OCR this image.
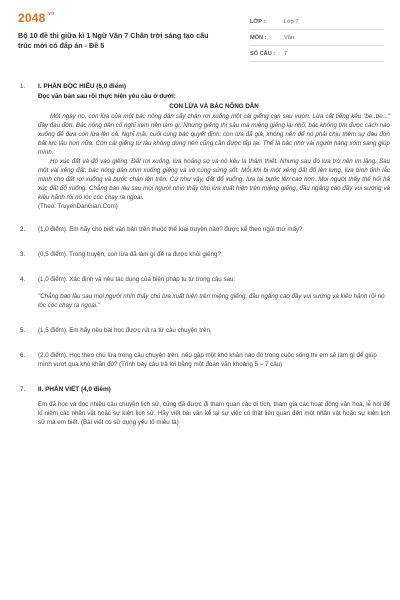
$2048^{.vn}$
Bộ 10 đề thi giữa kì 1 Ngữ Văn 7 Chân trời sáng tạo cấu trúc mới có đáp án - Đề 5
LỚP :	Lớp 7
MÔN :	Văn
SỐ CÂU :	7
1.	I. PHẦN ĐỌC HIỂU (6,0 điểm)
Đọc văn bản sau rồi thực hiện yêu cầu ở dưới:
CON LỪA VÀ BÁC NÔNG DÂN

Một ngày no, con lừa của một bác nông dân sẩy chân rơi xuống một cái giếng cạn sau vườn. Lừa cất tiếng kêu "be..be..." đầy đau đớn. Bác nông dân cố nghĩ xem nên làm gì. Nhưng giếng thì sâu mà miệng giếng lại nhỏ, bác không tìm được cách nào xuống để đưa con lừa lên cả. Nghĩ mãi, cuối cùng bác quyết định: con lừa đã già, không nên để nó phải chịu thêm sự đau đớn bất lực lâu hơn nữa. Còn cái giếng từ lâu không dùng nên cũng cần được lấp lại. Thế là bác nhờ vài người hàng xóm sang giúp mình.

Họ xúc đất và đổ vào giếng. Đất rơi xuống, lừa hoảng sợ và nó kêu la thảm thiết. Nhưng sau đó lừa trở nên im lặng. Sau một vài xẻng đất, bác nông dân nhìn xuống giếng và vô cùng sửng sốt. Mỗi khi bị một xẻng đất đổ lên lưng, lừa bình tĩnh lắc mình cho đất rơi xuống và bước chân lên trên. Cứ như vậy, đất đổ xuống, lừa lại bước lên cao hơn. Mọi người thấy thế hối hả xúc đất đổ xuống. Chẳng bao lâu sau mọi người nhìn thấy chú lừa xuất hiện trên miệng giếng, đầu ngẩng cao đầy vui sướng và kiêu hãnh rồi nó lóc cóc chạy ra ngoài.

(Theo: TruyenDanGian.Com)
2.	(1,0 điểm). Em hãy cho biết văn bản trên thuộc thể loại truyện nào? được kể theo ngôi thứ mấy?
3.	(0,5 điểm). Trong truyện, con lừa đã làm gì để ra được khỏi giếng?
4.	(1,0 điểm). Xác định và nêu tác dụng của biện pháp tu từ trong câu sau:
"Chẳng bao lâu sau mọi người nhìn thấy chú lừa xuất hiện trên miệng giếng, đầu ngẩng cao đầy vui sướng và kiêu hãnh rồi nó lóc cóc chạy ra ngoài."
5.	(1,5 điểm). Em hãy nêu bài học được rút ra từ câu chuyện trên.
6.	(2,0 điểm). Học theo chú lừa trong câu chuyện trên, nếu gặp một khó khăn nào đó trong cuộc sống thì em sẽ làm gì để giúp mình vượt qua khó khăn đó? (Trình bày câu trả lời bằng một đoạn văn khoảng 5 – 7 câu)
7.	II. PHẦN VIẾT (4,0 điểm)
Em đã học và đọc nhiều câu chuyện lịch sử, cũng đã được đi tham quan các di tích, tham gia các hoạt động văn hoá, lễ hội để kỉ niệm các nhân vật hoặc sự kiện lịch sử. Hãy viết bài văn kể lại sự việc có thật liên quan đến một nhân vật hoặc sự kiện lịch sử mà em biết. (Bài viết có sử dụng yếu tố miêu tả)
